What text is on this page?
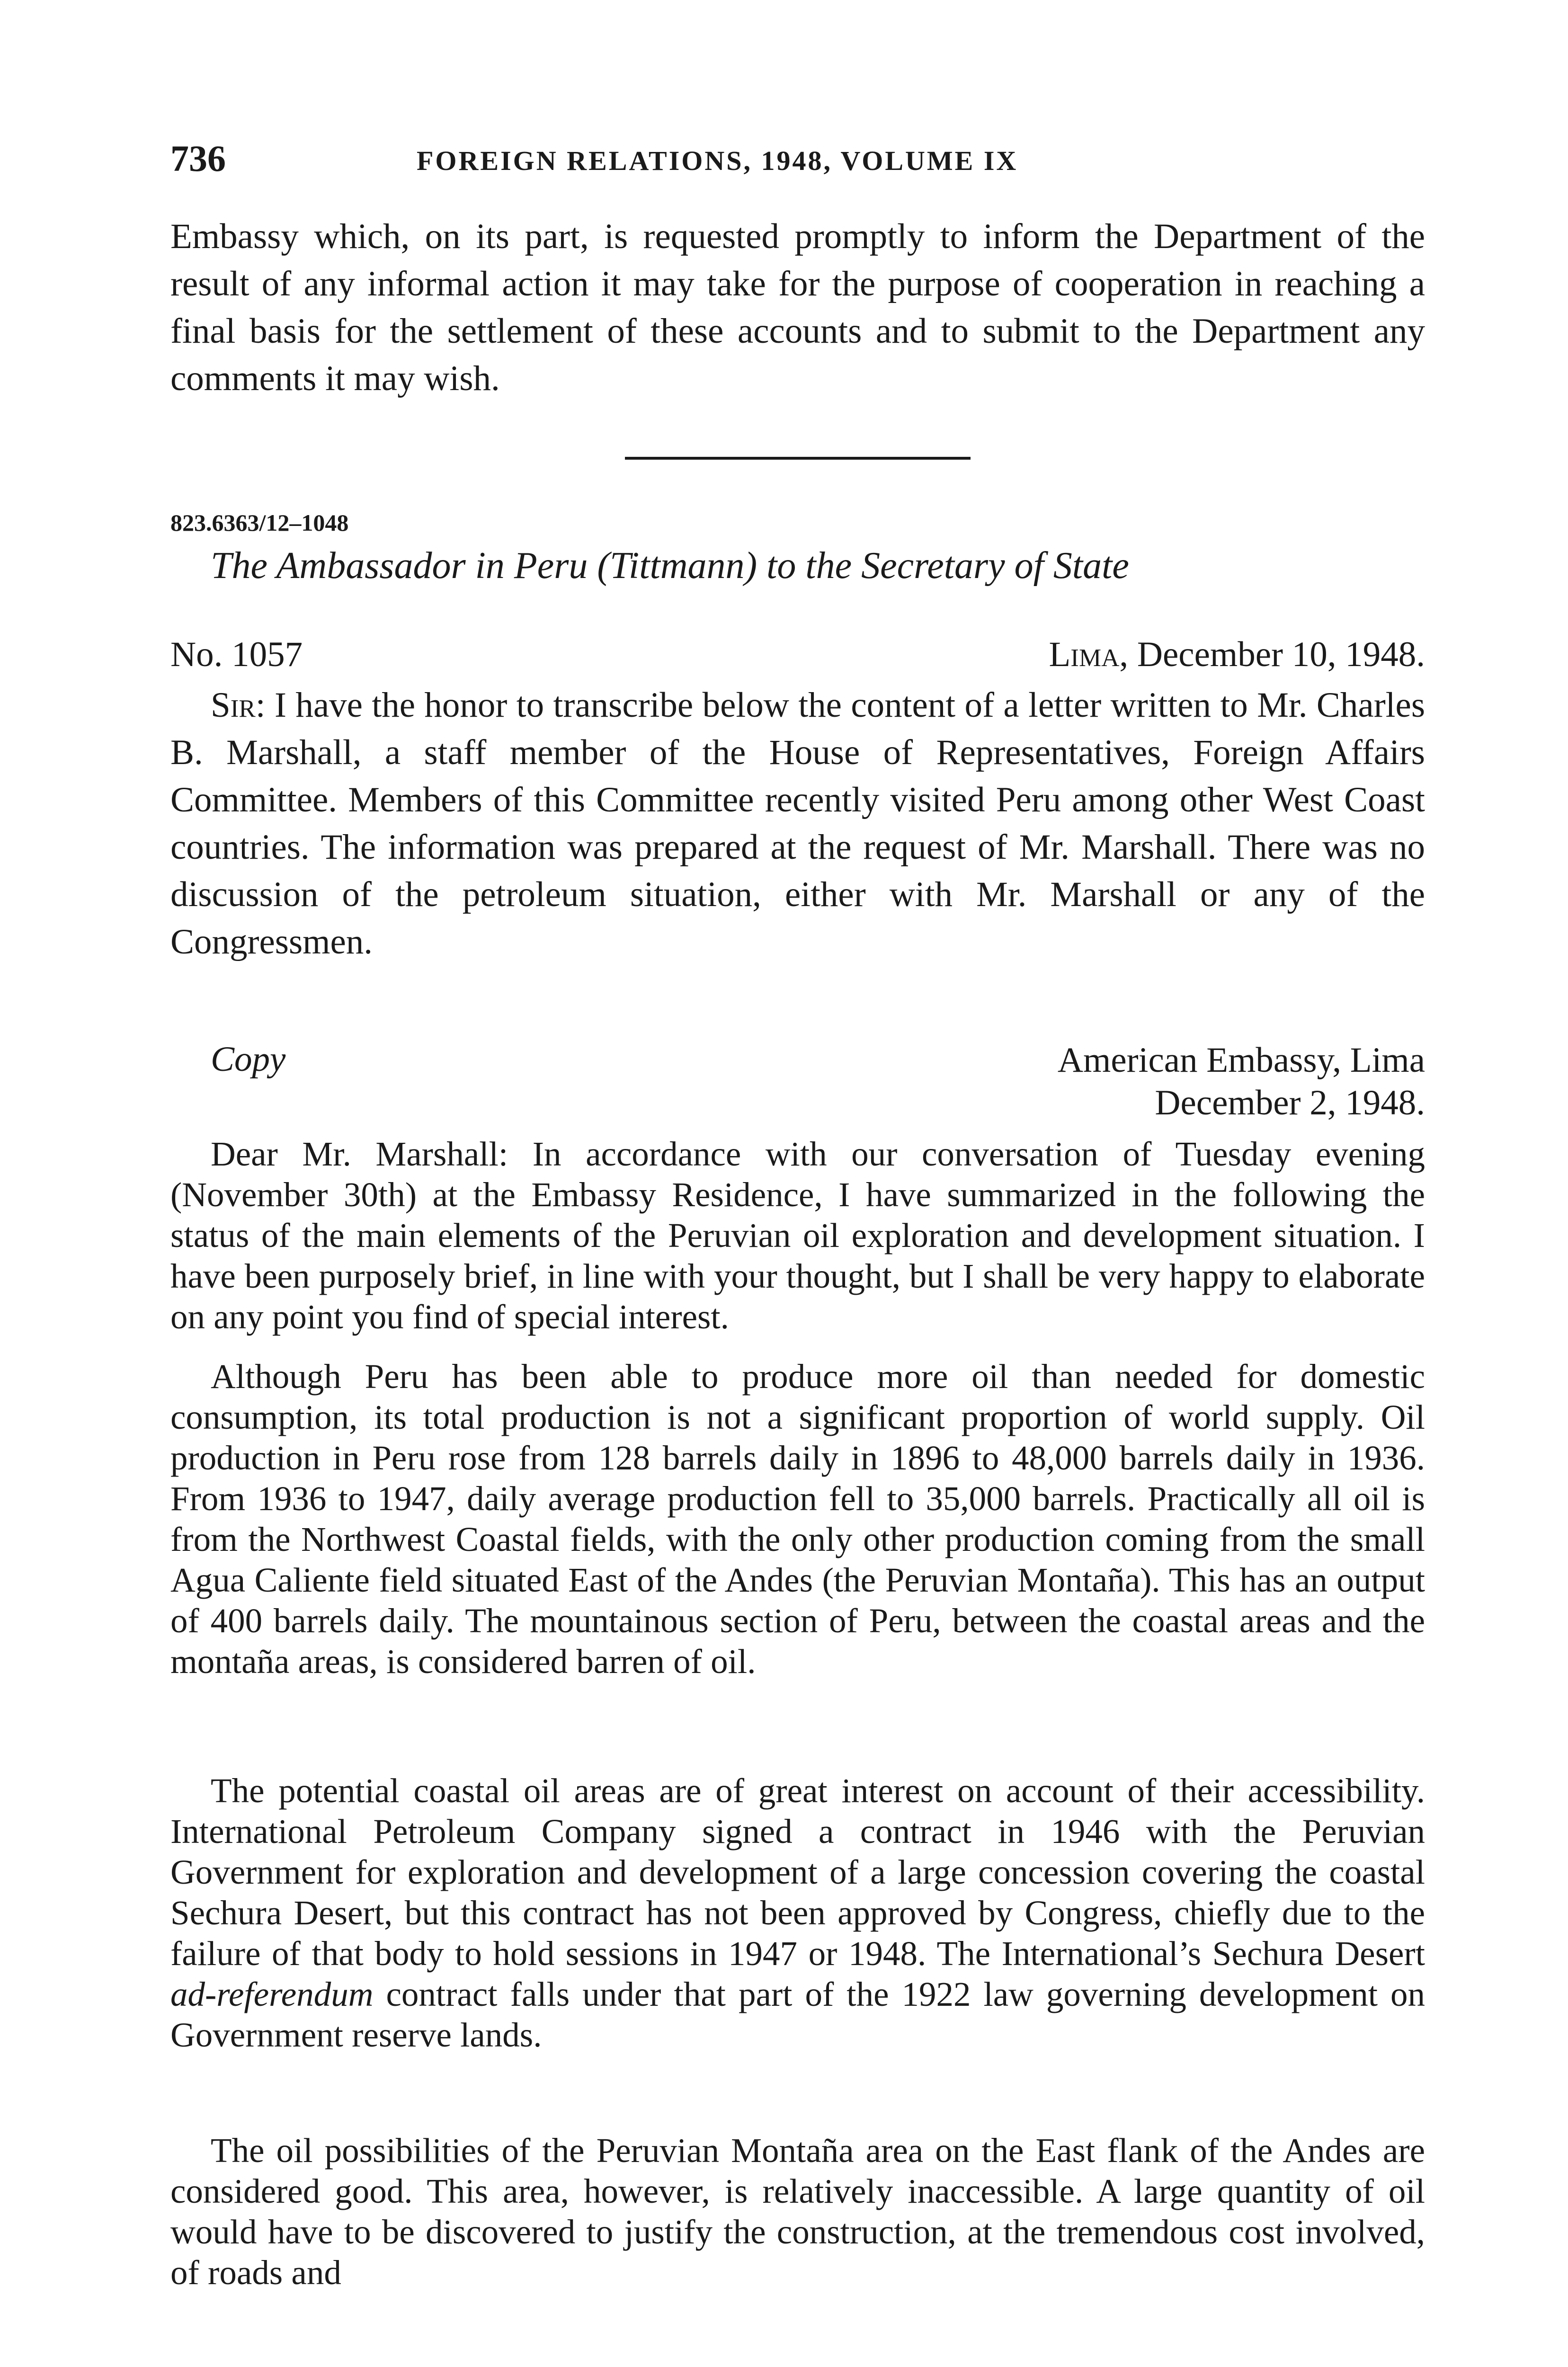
736	FOREIGN RELATIONS, 1948, VOLUME IX

Embassy which, on its part, is requested promptly to inform the Department of the result of any informal action it may take for the purpose of cooperation in reaching a final basis for the settlement of these accounts and to submit to the Department any comments it may wish.

823.6363/12–1048
The Ambassador in Peru (Tittmann) to the Secretary of State
No. 1057	Lima, December 10, 1948.

Sir: I have the honor to transcribe below the content of a letter written to Mr. Charles B. Marshall, a staff member of the House of Representatives, Foreign Affairs Committee. Members of this Committee recently visited Peru among other West Coast countries. The information was prepared at the request of Mr. Marshall. There was no discussion of the petroleum situation, either with Mr. Marshall or any of the Congressmen.

Copy	American Embassy, Lima
December 2, 1948.

Dear Mr. Marshall: In accordance with our conversation of Tuesday evening (November 30th) at the Embassy Residence, I have summarized in the following the status of the main elements of the Peruvian oil exploration and development situation. I have been purposely brief, in line with your thought, but I shall be very happy to elaborate on any point you find of special interest.

Although Peru has been able to produce more oil than needed for domestic consumption, its total production is not a significant proportion of world supply. Oil production in Peru rose from 128 barrels daily in 1896 to 48,000 barrels daily in 1936. From 1936 to 1947, daily average production fell to 35,000 barrels. Practically all oil is from the Northwest Coastal fields, with the only other production coming from the small Agua Caliente field situated East of the Andes (the Peruvian Montaña). This has an output of 400 barrels daily. The mountainous section of Peru, between the coastal areas and the montaña areas, is considered barren of oil.

The potential coastal oil areas are of great interest on account of their accessibility. International Petroleum Company signed a contract in 1946 with the Peruvian Government for exploration and development of a large concession covering the coastal Sechura Desert, but this contract has not been approved by Congress, chiefly due to the failure of that body to hold sessions in 1947 or 1948. The International’s Sechura Desert ad-referendum contract falls under that part of the 1922 law governing development on Government reserve lands.

The oil possibilities of the Peruvian Montaña area on the East flank of the Andes are considered good. This area, however, is relatively inaccessible. A large quantity of oil would have to be discovered to justify the construction, at the tremendous cost involved, of roads and
